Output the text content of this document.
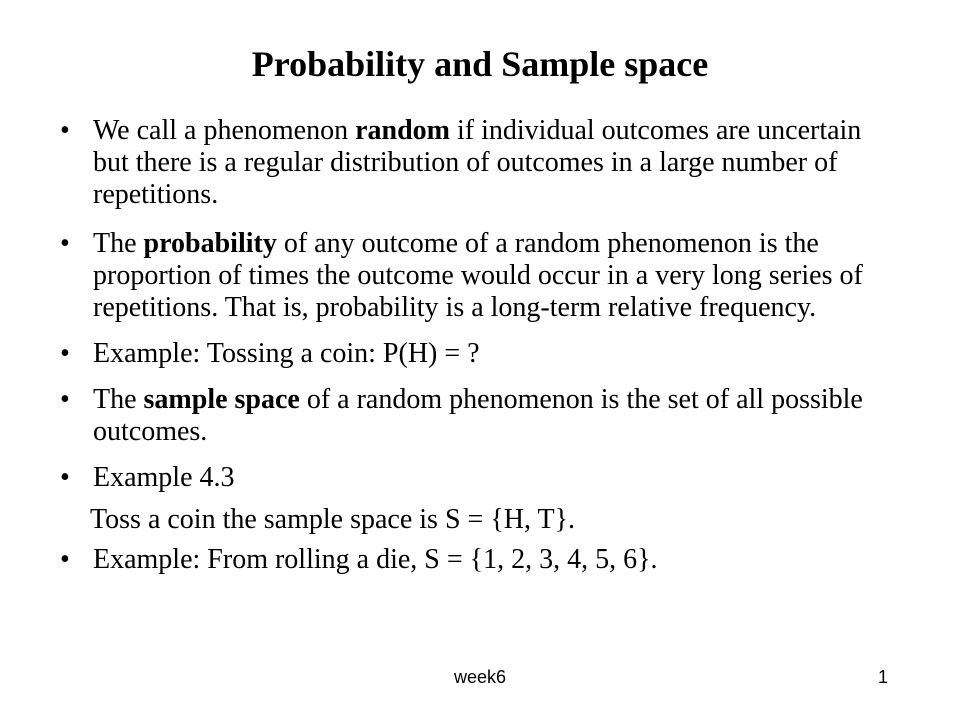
Probability and Sample space
• We call a phenomenon random if individual outcomes are uncertain but there is a regular distribution of outcomes in a large number of repetitions.
• The probability of any outcome of a random phenomenon is the proportion of times the outcome would occur in a very long series of repetitions. That is, probability is a long-term relative frequency.
• Example: Tossing a coin: P(H) = ?
• The sample space of a random phenomenon is the set of all possible outcomes.
• Example 4.3
Toss a coin the sample space is S = {H, T}.
• Example: From rolling a die, S = {1, 2, 3, 4, 5, 6}.
week6	1
